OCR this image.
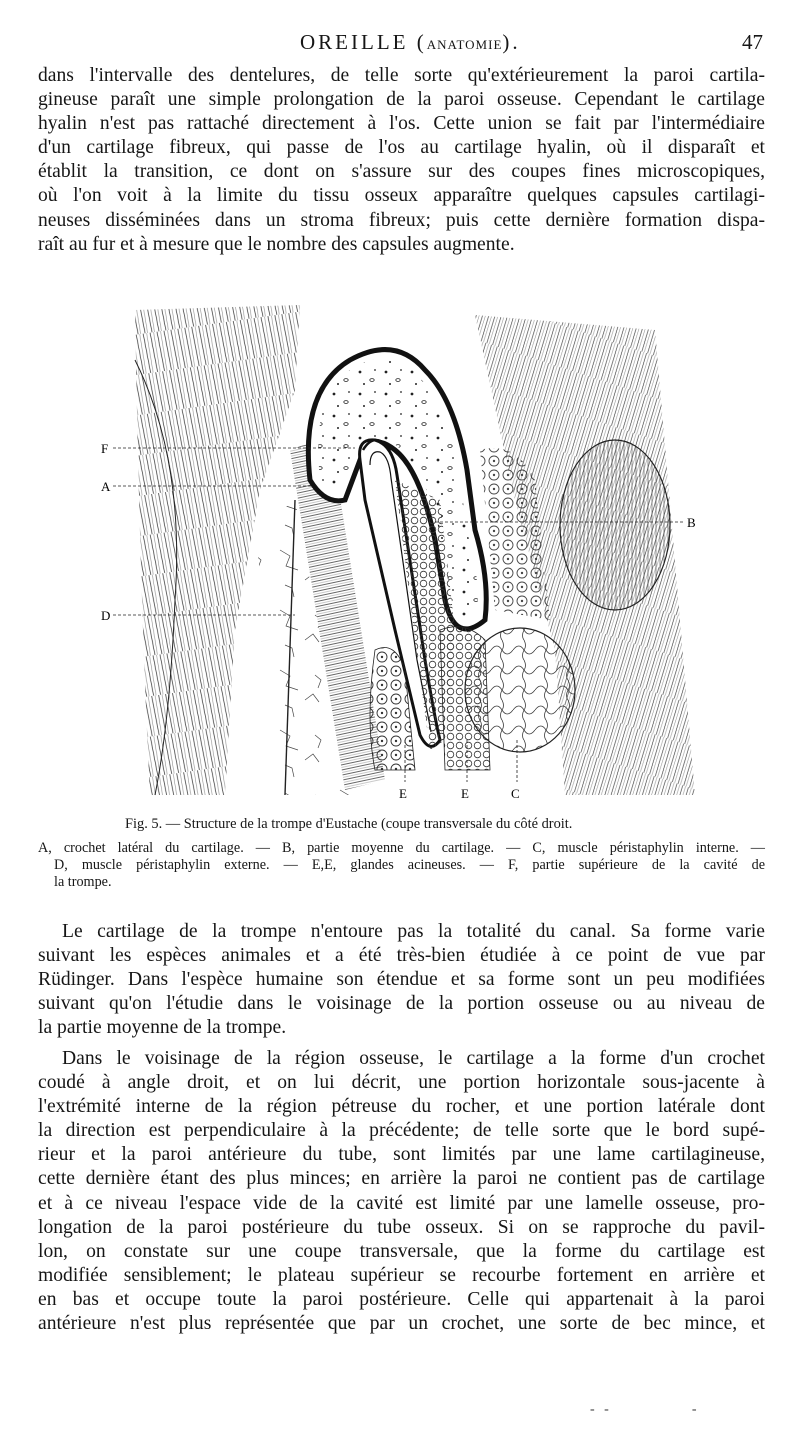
OREILLE (ANATOMIE).	47
dans l'intervalle des dentelures, de telle sorte qu'extérieurement la paroi cartila-
gineuse paraît une simple prolongation de la paroi osseuse. Cependant le cartilage
hyalin n'est pas rattaché directement à l'os. Cette union se fait par l'intermédiaire
d'un cartilage fibreux, qui passe de l'os au cartilage hyalin, où il disparaît et
établit la transition, ce dont on s'assure sur des coupes fines microscopiques,
où l'on voit à la limite du tissu osseux apparaître quelques capsules cartilagi-
neuses disséminées dans un stroma fibreux; puis cette dernière formation dispa-
raît au fur et à mesure que le nombre des capsules augmente.
F
A
D
B
E	E	C
Fig. 5. — Structure de la trompe d'Eustache (coupe transversale du côté droit.
A, crochet latéral du cartilage. — B, partie moyenne du cartilage. — C, muscle péristaphylin interne. —
D, muscle péristaphylin externe. — E,E, glandes acineuses. — F, partie supérieure de la cavité de
la trompe.
Le cartilage de la trompe n'entoure pas la totalité du canal. Sa forme varie
suivant les espèces animales et a été très-bien étudiée à ce point de vue par
Rüdinger. Dans l'espèce humaine son étendue et sa forme sont un peu modifiées
suivant qu'on l'étudie dans le voisinage de la portion osseuse ou au niveau de
la partie moyenne de la trompe.
Dans le voisinage de la région osseuse, le cartilage a la forme d'un crochet
coudé à angle droit, et on lui décrit, une portion horizontale sous-jacente à
l'extrémité interne de la région pétreuse du rocher, et une portion latérale dont
la direction est perpendiculaire à la précédente; de telle sorte que le bord supé-
rieur et la paroi antérieure du tube, sont limités par une lame cartilagineuse,
cette dernière étant des plus minces; en arrière la paroi ne contient pas de cartilage
et à ce niveau l'espace vide de la cavité est limité par une lamelle osseuse, pro-
longation de la paroi postérieure du tube osseux. Si on se rapproche du pavil-
lon, on constate sur une coupe transversale, que la forme du cartilage est
modifiée sensiblement; le plateau supérieur se recourbe fortement en arrière et
en bas et occupe toute la paroi postérieure. Celle qui appartenait à la paroi
antérieure n'est plus représentée que par un crochet, une sorte de bec mince, et
- -	-
